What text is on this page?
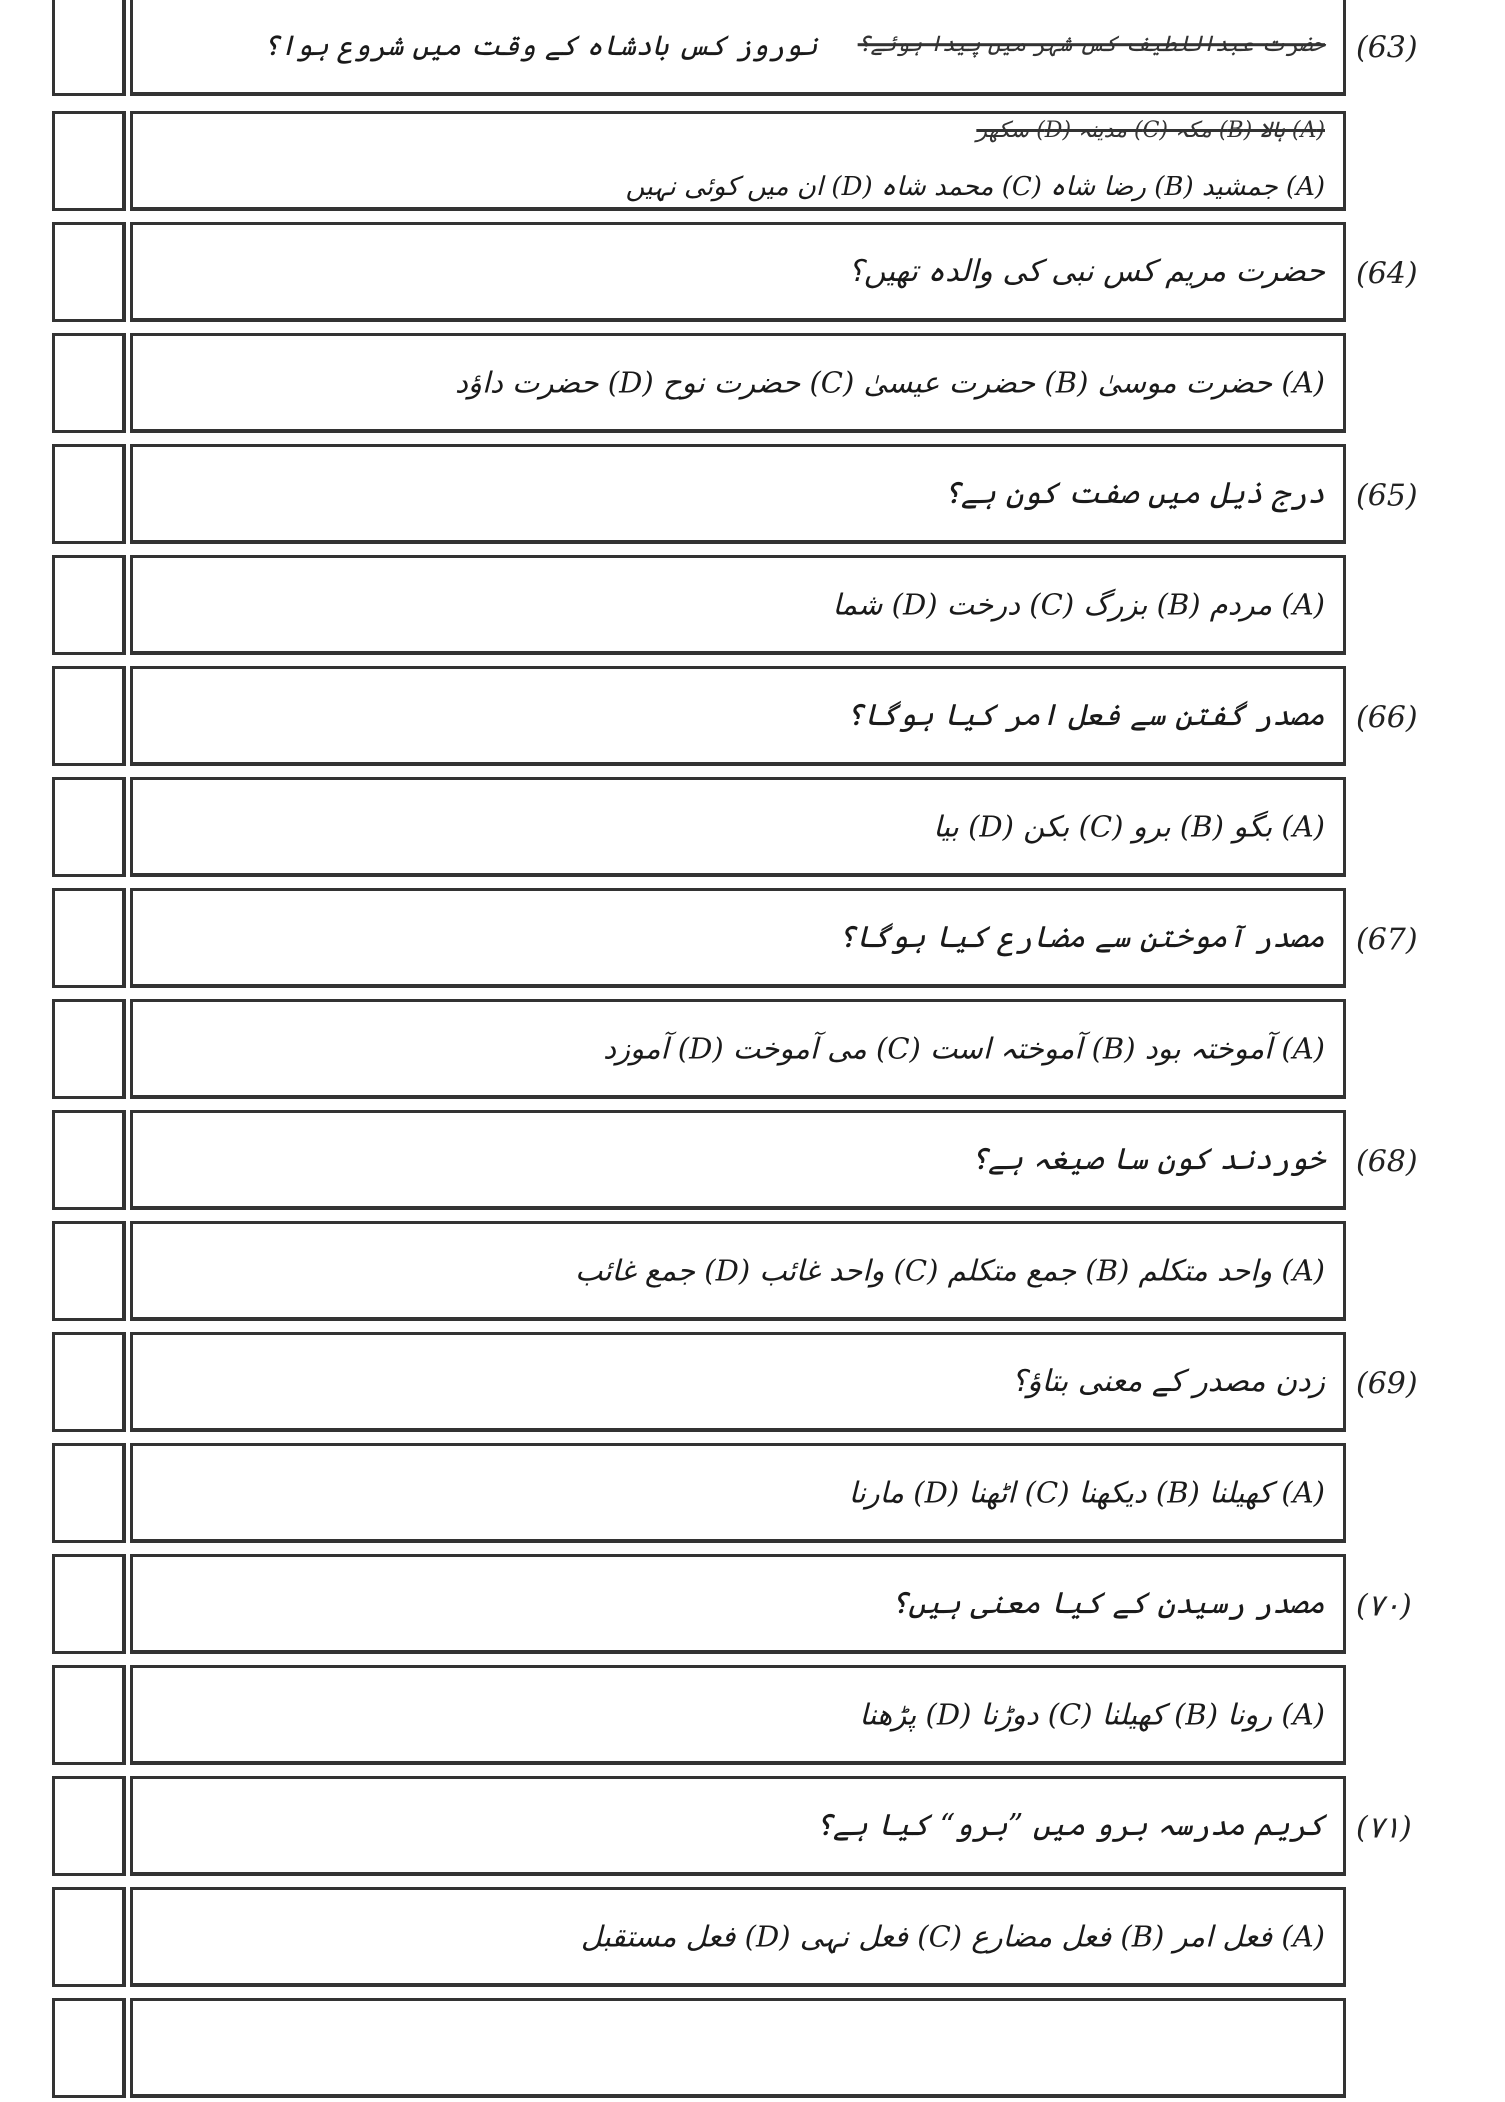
حضرت عبداللطیف کس شہر میں پیدا ہوئے؟
نوروز کس بادشاہ کے وقت میں شروع ہوا؟	(63)
(A) ہالا (B) مکہ (C) مدینہ (D) سکھر
(A) جمشید (B) رضا شاہ (C) محمد شاہ (D) ان میں کوئی نہیں
حضرت مریم کس نبی کی والدہ تھیں؟ (64)
(A) حضرت موسیٰ (B) حضرت عیسیٰ (C) حضرت نوح (D) حضرت داؤد
درج ذیل میں صفت کون ہے؟ (65)
(A) مردم (B) بزرگ (C) درخت (D) شما
مصدر گفتن سے فعل امر کیا ہوگا؟ (66)
(A) بگو (B) برو (C) بکن (D) بیا
مصدر آموختن سے مضارع کیا ہوگا؟ (67)
(A) آموختہ بود (B) آموختہ است (C) می آموخت (D) آموزد
خوردند کون سا صیغہ ہے؟ (68)
(A) واحد متکلم (B) جمع متکلم (C) واحد غائب (D) جمع غائب
زدن مصدر کے معنی بتاؤ؟ (69)
(A) کھیلنا (B) دیکھنا (C) اٹھنا (D) مارنا
مصدر رسیدن کے کیا معنی ہیں؟ (٧٠)
(A) رونا (B) کھیلنا (C) دوڑنا (D) پڑھنا
کریم مدرسہ برو میں ”برو“ کیا ہے؟ (٧١)
(A) فعل امر (B) فعل مضارع (C) فعل نہی (D) فعل مستقبل
